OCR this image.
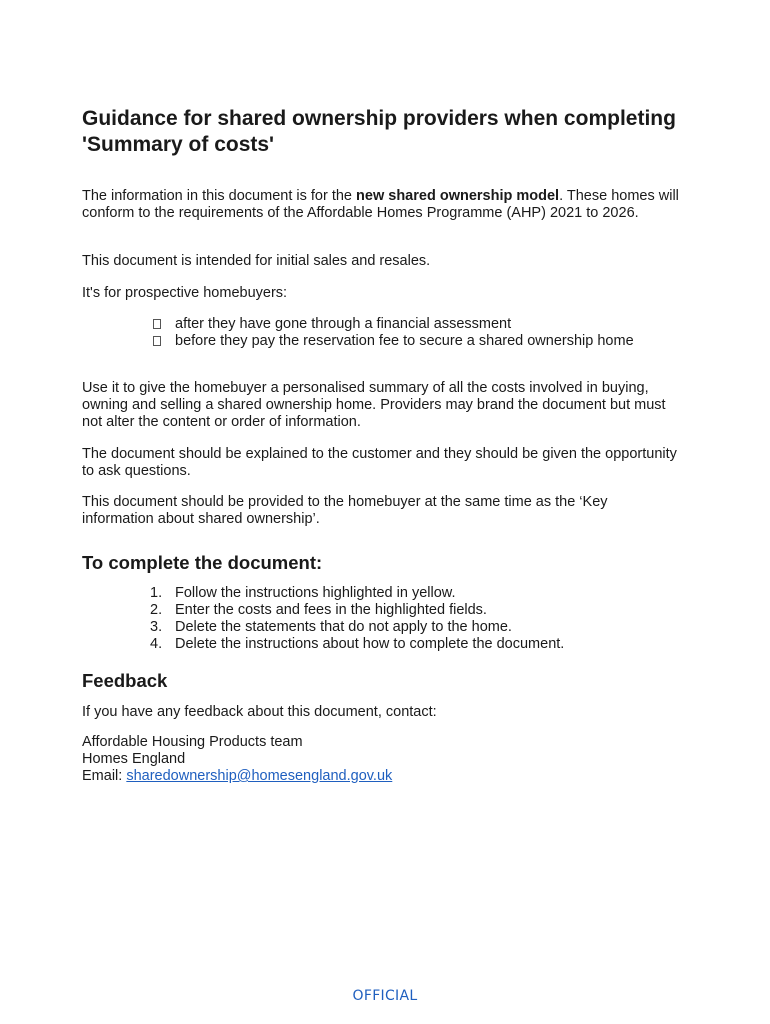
Guidance for shared ownership providers when completing 'Summary of costs'

The information in this document is for the new shared ownership model. These homes will conform to the requirements of the Affordable Homes Programme (AHP) 2021 to 2026.

This document is intended for initial sales and resales.

It's for prospective homebuyers:

after they have gone through a financial assessment
before they pay the reservation fee to secure a shared ownership home

Use it to give the homebuyer a personalised summary of all the costs involved in buying, owning and selling a shared ownership home. Providers may brand the document but must not alter the content or order of information.

The document should be explained to the customer and they should be given the opportunity to ask questions.

This document should be provided to the homebuyer at the same time as the ‘Key information about shared ownership’.

To complete the document:
1. Follow the instructions highlighted in yellow.
2. Enter the costs and fees in the highlighted fields.
3. Delete the statements that do not apply to the home.
4. Delete the instructions about how to complete the document.
Feedback

If you have any feedback about this document, contact:

Affordable Housing Products team

Homes England

Email: sharedownership@homesengland.gov.uk

OFFICIAL
